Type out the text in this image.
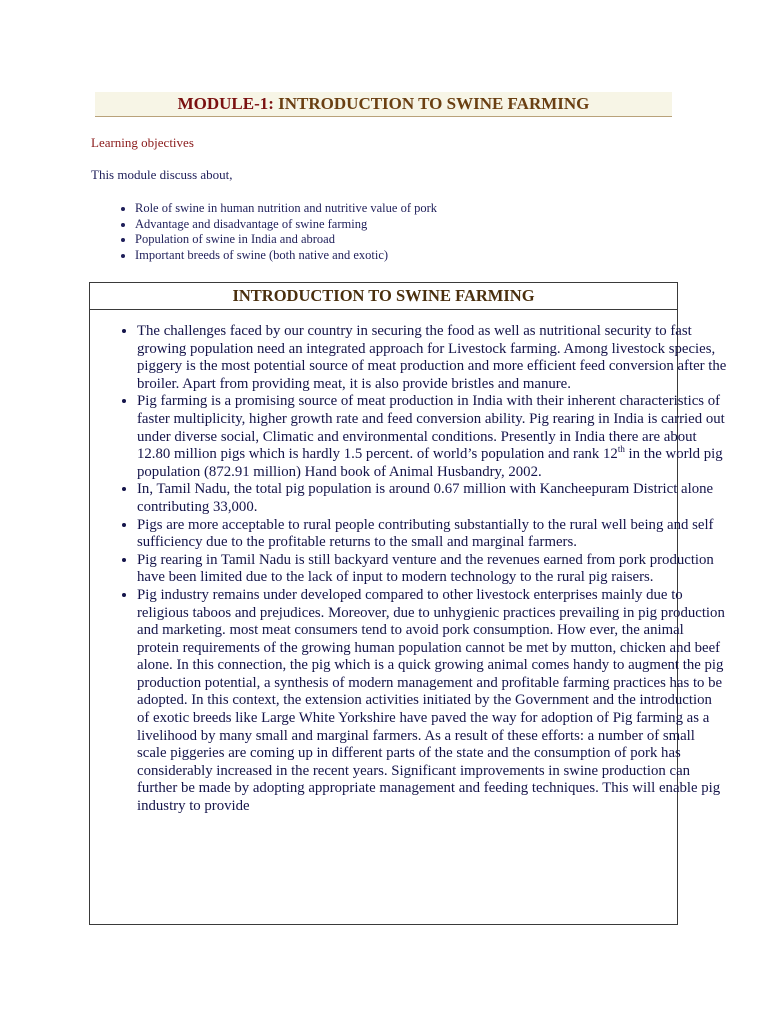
MODULE-1: INTRODUCTION TO SWINE FARMING
Learning objectives
This module discuss about,
• Role of swine in human nutrition and nutritive value of pork
• Advantage and disadvantage of swine farming
• Population of swine in India and abroad
• Important breeds of swine (both native and exotic)
INTRODUCTION TO SWINE FARMING
• The challenges faced by our country in securing the food as well as nutritional security to fast growing population need an integrated approach for Livestock farming. Among livestock species, piggery is the most potential source of meat production and more efficient feed conversion after the broiler. Apart from providing meat, it is also provide bristles and manure.
• Pig farming is a promising source of meat production in India with their inherent characteristics of faster multiplicity, higher growth rate and feed conversion ability. Pig rearing in India is carried out under diverse social, Climatic and environmental conditions. Presently in India there are about 12.80 million pigs which is hardly 1.5 percent. of world’s population and rank 12th in the world pig population (872.91 million) Hand book of Animal Husbandry, 2002.
• In, Tamil Nadu, the total pig population is around 0.67 million with Kancheepuram District alone contributing 33,000.
• Pigs are more acceptable to rural people contributing substantially to the rural well being and self sufficiency due to the profitable returns to the small and marginal farmers.
• Pig rearing in Tamil Nadu is still backyard venture and the revenues earned from pork production have been limited due to the lack of input to modern technology to the rural pig raisers.
• Pig industry remains under developed compared to other livestock enterprises mainly due to religious taboos and prejudices. Moreover, due to unhygienic practices prevailing in pig production and marketing. most meat consumers tend to avoid pork consumption. How ever, the animal protein requirements of the growing human population cannot be met by mutton, chicken and beef alone. In this connection, the pig which is a quick growing animal comes handy to augment the pig production potential, a synthesis of modern management and profitable farming practices has to be adopted. In this context, the extension activities initiated by the Government and the introduction of exotic breeds like Large White Yorkshire have paved the way for adoption of Pig farming as a livelihood by many small and marginal farmers. As a result of these efforts: a number of small scale piggeries are coming up in different parts of the state and the consumption of pork has considerably increased in the recent years. Significant improvements in swine production can further be made by adopting appropriate management and feeding techniques. This will enable pig industry to provide
